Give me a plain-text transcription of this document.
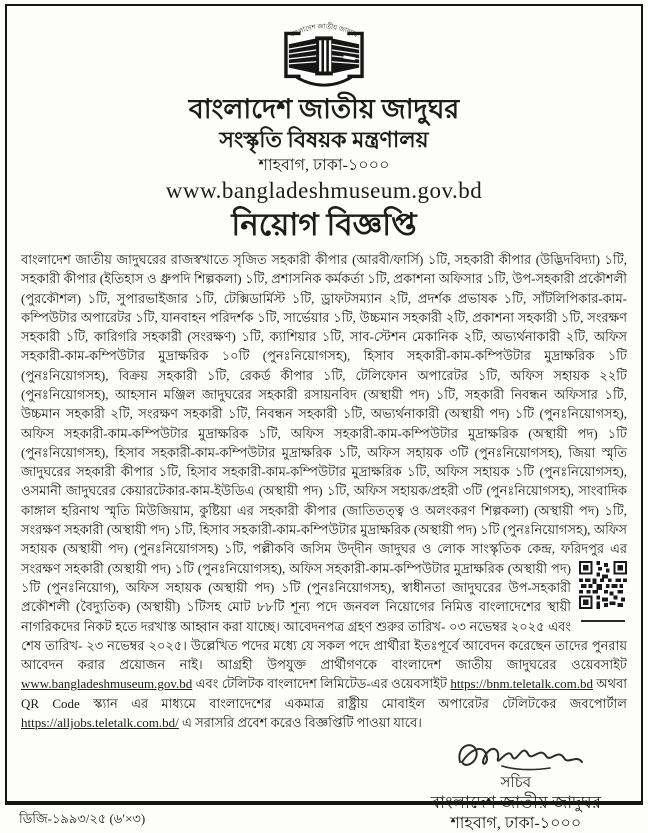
বাংলাদেশ জাতীয় জাদুঘর
বাংলাদেশ জাতীয় জাদুঘর
সংস্কৃতি বিষয়ক মন্ত্রণালয়
শাহবাগ, ঢাকা-১০০০
www.bangladeshmuseum.gov.bd
নিয়োগ বিজ্ঞপ্তি

বাংলাদেশ জাতীয় জাদুঘরের রাজস্বখাতে সৃজিত সহকারী কীপার (আরবী/ফার্সি) ১টি, সহকারী কীপার (উদ্ভিদবিদ্যা) ১টি, সহকারী কীপার (ইতিহাস ও ধ্রুপদি শিল্পকলা) ১টি, প্রশাসনিক কর্মকর্তা ১টি, প্রকাশনা অফিসার ১টি, উপ-সহকারী প্রকৌশলী (পুরকৌশল) ১টি, সুপারভাইজার ১টি, টেক্সিডার্মিস্ট ১টি, ড্রাফটসম্যান ২টি, প্রদর্শক প্রভাষক ১টি, সাঁটলিপিকার-কাম-কম্পিউটার অপারেটর ১টি, যানবাহন পরিদর্শক ১টি, সার্ভেয়ার ১টি, উচ্চমান সহকারী ২টি, প্রকাশনা সহকারী ১টি, সংরক্ষণ সহকারী ১টি, কারিগরি সহকারী (সংরক্ষণ) ১টি, ক্যাশিয়ার ১টি, সাব-স্টেশন মেকানিক ২টি, অভ্যর্থনাকারী ২টি, অফিস সহকারী-কাম-কম্পিউটার মুদ্রাক্ষরিক ১০টি (পুনঃনিয়োগসহ), হিসাব সহকারী-কাম-কম্পিউটার মুদ্রাক্ষরিক ১টি (পুনঃনিয়োগসহ), বিক্রয় সহকারী ১টি, রেকর্ড কীপার ১টি, টেলিফোন অপারেটর ১টি, অফিস সহায়ক ২২টি (পুনঃনিয়োগসহ), আহসান মঞ্জিল জাদুঘরের সহকারী রসায়নবিদ (অস্থায়ী পদ) ১টি, সহকারী নিবন্ধন অফিসার ১টি, উচ্চমান সহকারী ২টি, সংরক্ষণ সহকারী ১টি, নিবন্ধন সহকারী ১টি, অভ্যর্থনাকারী (অস্থায়ী পদ) ১টি (পুনঃনিয়োগসহ), অফিস সহকারী-কাম-কম্পিউটার মুদ্রাক্ষরিক ১টি, অফিস সহকারী-কাম-কম্পিউটার মুদ্রাক্ষরিক (অস্থায়ী পদ) ১টি (পুনঃনিয়োগসহ), হিসাব সহকারী-কাম-কম্পিউটার মুদ্রাক্ষরিক ১টি, অফিস সহায়ক ৩টি (পুনঃনিয়োগসহ), জিয়া স্মৃতি জাদুঘরের সহকারী কীপার ১টি, হিসাব সহকারী-কাম-কম্পিউটার মুদ্রাক্ষরিক ১টি, অফিস সহায়ক ১টি (পুনঃনিয়োগসহ), ওসমানী জাদুঘরের কেয়ারটেকার-কাম-ইউডিএ (অস্থায়ী পদ) ১টি, অফিস সহায়ক/প্রহরী ৩টি (পুনঃনিয়োগসহ), সাংবাদিক কাঙ্গাল হরিনাথ স্মৃতি মিউজিয়াম, কুষ্টিয়া এর সহকারী কীপার (জাতিতত্ত্ব ও অলংকরণ শিল্পকলা) (অস্থায়ী পদ) ১টি, সংরক্ষণ সহকারী (অস্থায়ী পদ) ১টি, হিসাব সহকারী-কাম-কম্পিউটার মুদ্রাক্ষরিক (অস্থায়ী পদ) ১টি (পুনঃনিয়োগসহ), অফিস সহায়ক (অস্থায়ী পদ) (পুনঃনিয়োগসহ) ১টি, পল্লীকবি জসিম উদ্‌দীন জাদুঘর ও লোক সাংস্কৃতিক কেন্দ্র, ফরিদপুর এর সংরক্ষণ সহকারী (অস্থায়ী পদ) ১টি (পুনঃনিয়োগসহ), অফিস
সহকারী-কাম-কম্পিউটার মুদ্রাক্ষরিক (অস্থায়ী পদ) ১টি (পুনঃনিয়োগ), অফিস সহায়ক (অস্থায়ী পদ) ১টি (পুনঃনিয়োগসহ), স্বাধীনতা জাদুঘরের উপ-সহকারী প্রকৌশলী (বৈদ্যুতিক) (অস্থায়ী) ১টিসহ মোট ৮৮টি শূন্য পদে জনবল নিয়োগের নিমিত্ত বাংলাদেশের স্থায়ী নাগরিকদের নিকট হতে দরখাস্ত আহ্বান করা যাচ্ছে। আবেদনপত্র গ্রহণ শুরুর তারিখ- ০৩ নভেম্বর ২০২৫ এবং শেষ তারিখ- ২৩ নভেম্বর ২০২৫। উল্লেখিত পদের মধ্যে যে সকল পদে প্রার্থীরা ইতঃপূর্বে আবেদন করেছেন তাদের পুনরায় আবেদন করার প্রয়োজন নাই। আগ্রহী উপযুক্ত প্রার্থীগণকে বাংলাদেশ জাতীয় জাদুঘরের ওয়েবসাইট www.bangladeshmuseum.gov.bd এবং টেলিটক বাংলাদেশ লিমিটেড-এর ওয়েবসাইট https://bnm.teletalk.com.bd অথবা QR Code স্ক্যান এর মাধ্যমে বাংলাদেশের একমাত্র রাষ্ট্রীয় মোবাইল অপারেটর টেলিটকের জবপোর্টাল https://alljobs.teletalk.com.bd/ এ সরাসরি প্রবেশ করেও বিজ্ঞপ্তিটি পাওয়া যাবে।

ডিজি-১৯৯৩/২৫ (৬ʹ×৩)
সচিব
বাংলাদেশ জাতীয় জাদুঘর
শাহবাগ, ঢাকা-১০০০
